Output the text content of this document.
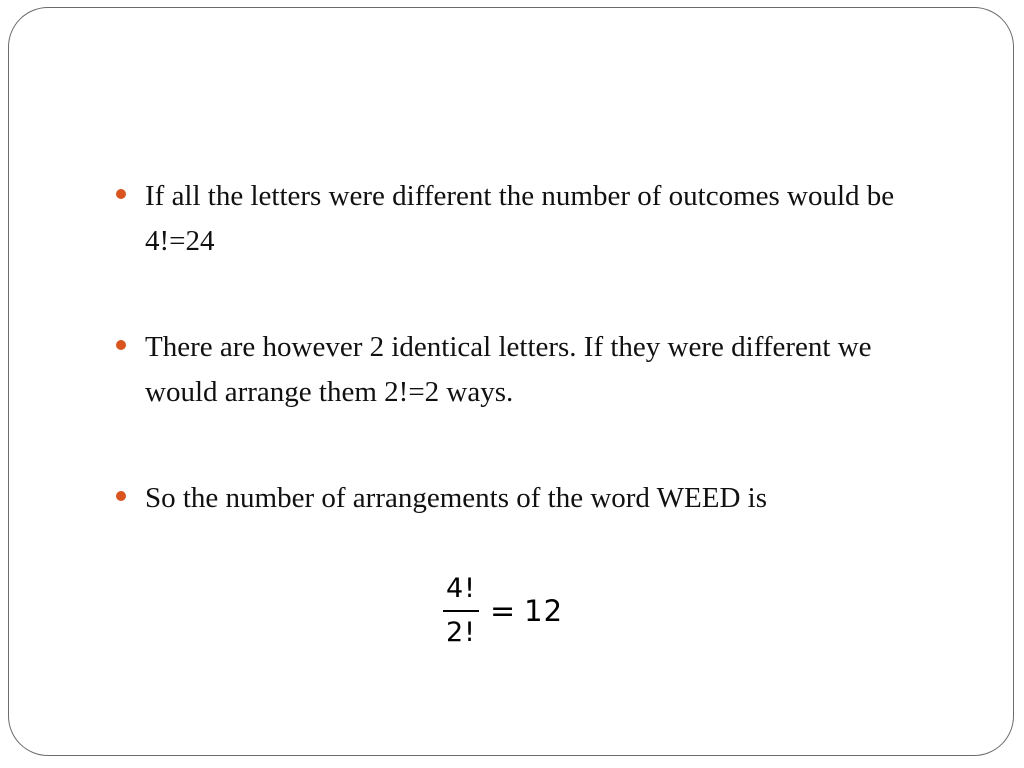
If all the letters were different the number of outcomes would be 4!=24
There are however 2 identical letters. If they were different we would arrange them 2!=2 ways.
So the number of arrangements of the word WEED is
$\frac{4!}{2!} = 12$
